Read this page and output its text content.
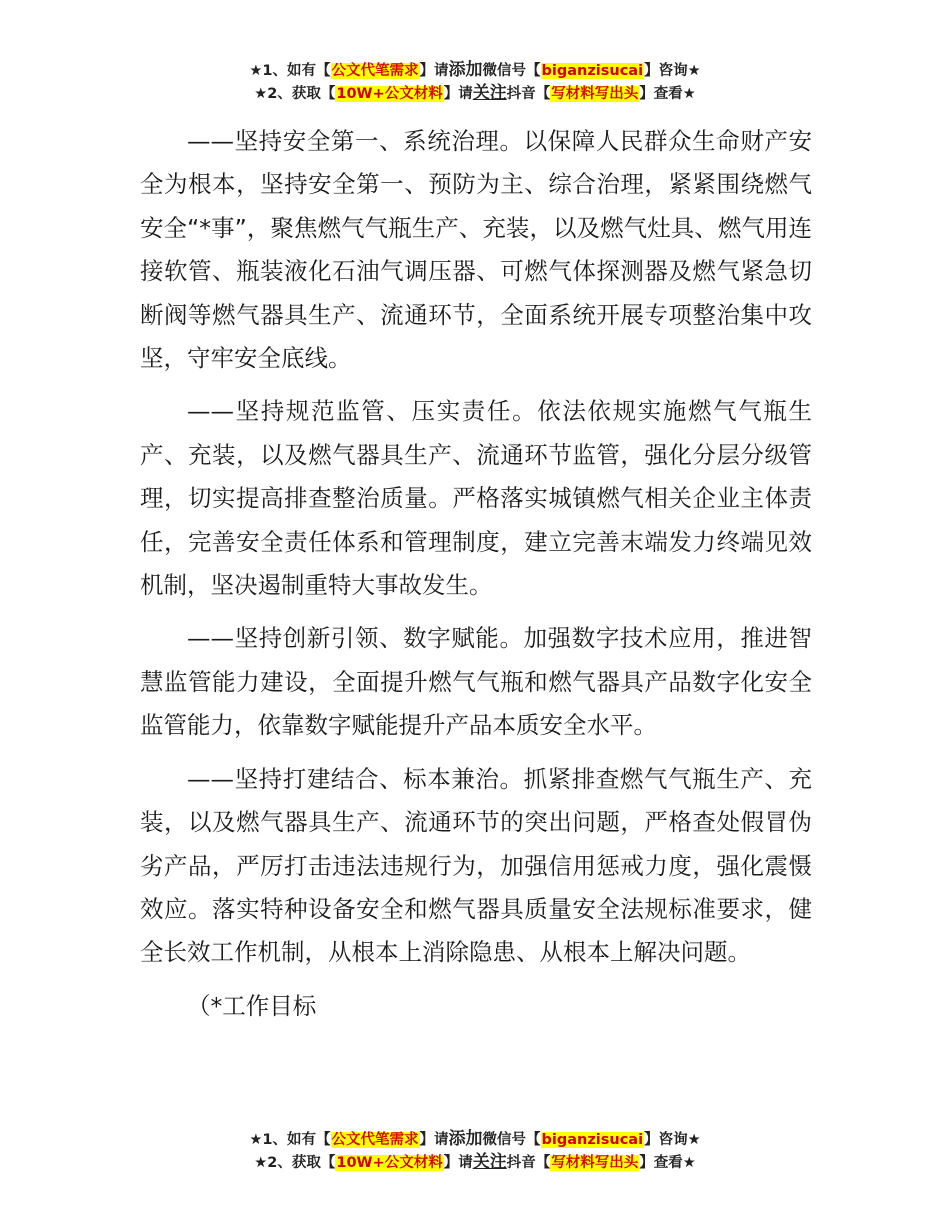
★1、如有【公文代笔需求】请添加微信号【biganzisucai】咨询★
★2、获取【10W+公文材料】请关注抖音【写材料写出头】查看★

——坚持安全第一、系统治理。以保障人民群众生命财产安全为根本，坚持安全第一、预防为主、综合治理，紧紧围绕燃气安全“*事”，聚焦燃气气瓶生产、充装，以及燃气灶具、燃气用连接软管、瓶装液化石油气调压器、可燃气体探测器及燃气紧急切断阀等燃气器具生产、流通环节，全面系统开展专项整治集中攻坚，守牢安全底线。

——坚持规范监管、压实责任。依法依规实施燃气气瓶生产、充装，以及燃气器具生产、流通环节监管，强化分层分级管理，切实提高排查整治质量。严格落实城镇燃气相关企业主体责任，完善安全责任体系和管理制度，建立完善末端发力终端见效机制，坚决遏制重特大事故发生。

——坚持创新引领、数字赋能。加强数字技术应用，推进智慧监管能力建设，全面提升燃气气瓶和燃气器具产品数字化安全监管能力，依靠数字赋能提升产品本质安全水平。

——坚持打建结合、标本兼治。抓紧排查燃气气瓶生产、充装，以及燃气器具生产、流通环节的突出问题，严格查处假冒伪劣产品，严厉打击违法违规行为，加强信用惩戒力度，强化震慑效应。落实特种设备安全和燃气器具质量安全法规标准要求，健全长效工作机制，从根本上消除隐患、从根本上解决问题。

（*工作目标

★1、如有【公文代笔需求】请添加微信号【biganzisucai】咨询★
★2、获取【10W+公文材料】请关注抖音【写材料写出头】查看★
